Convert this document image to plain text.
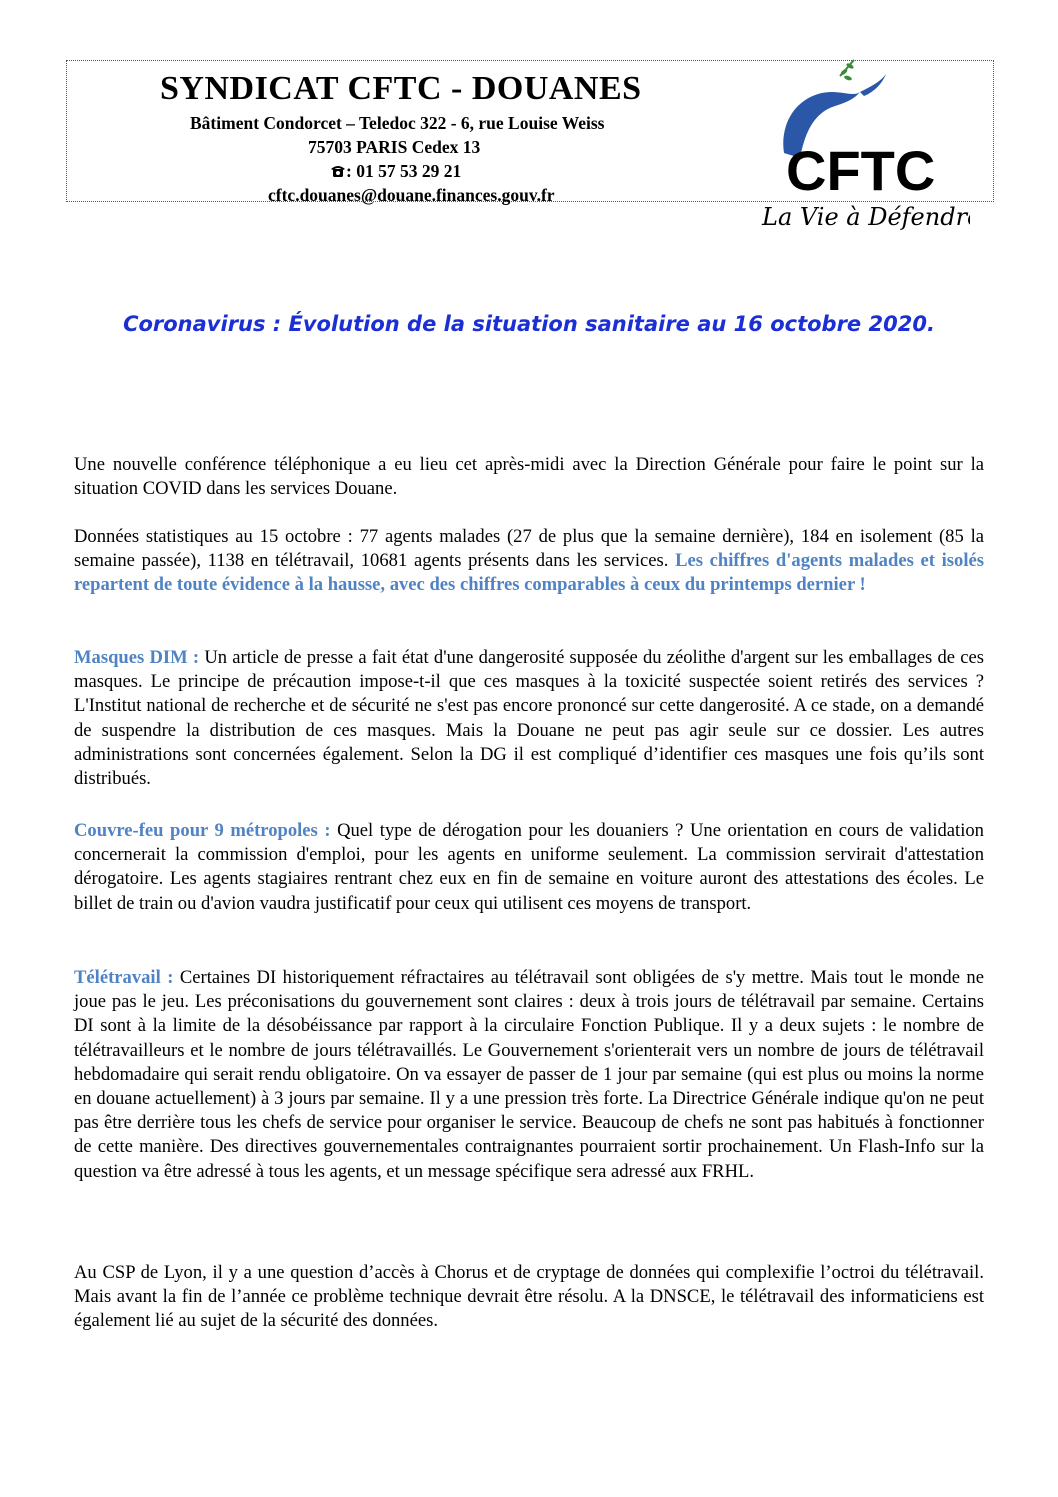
SYNDICAT CFTC - DOUANES
Bâtiment Condorcet – Teledoc 322 - 6, rue Louise Weiss
75703 PARIS Cedex 13
: 01 57 53 29 21
cftc.douanes@douane.finances.gouv.fr	CFTC
La Vie à Défendre
Coronavirus : Évolution de la situation sanitaire au 16 octobre 2020.
Une nouvelle conférence téléphonique a eu lieu cet après-midi avec la Direction Générale pour faire le point sur la situation COVID dans les services Douane.
Données statistiques au 15 octobre : 77 agents malades (27 de plus que la semaine dernière), 184 en isolement (85 la semaine passée), 1138 en télétravail, 10681 agents présents dans les services. Les chiffres d'agents malades et isolés repartent de toute évidence à la hausse, avec des chiffres comparables à ceux du printemps dernier !
Masques DIM : Un article de presse a fait état d'une dangerosité supposée du zéolithe d'argent sur les emballages de ces masques. Le principe de précaution impose-t-il que ces masques à la toxicité suspectée soient retirés des services ? L'Institut national de recherche et de sécurité ne s'est pas encore prononcé sur cette dangerosité. A ce stade, on a demandé de suspendre la distribution de ces masques. Mais la Douane ne peut pas agir seule sur ce dossier. Les autres administrations sont concernées également. Selon la DG il est compliqué d’identifier ces masques une fois qu’ils sont distribués.
Couvre-feu pour 9 métropoles : Quel type de dérogation pour les douaniers ? Une orientation en cours de validation concernerait la commission d'emploi, pour les agents en uniforme seulement. La commission servirait d'attestation dérogatoire. Les agents stagiaires rentrant chez eux en fin de semaine en voiture auront des attestations des écoles. Le billet de train ou d'avion vaudra justificatif pour ceux qui utilisent ces moyens de transport.
Télétravail : Certaines DI historiquement réfractaires au télétravail sont obligées de s'y mettre. Mais tout le monde ne joue pas le jeu. Les préconisations du gouvernement sont claires : deux à trois jours de télétravail par semaine. Certains DI sont à la limite de la désobéissance par rapport à la circulaire Fonction Publique. Il y a deux sujets : le nombre de télétravailleurs et le nombre de jours télétravaillés. Le Gouvernement s'orienterait vers un nombre de jours de télétravail hebdomadaire qui serait rendu obligatoire. On va essayer de passer de 1 jour par semaine (qui est plus ou moins la norme en douane actuellement) à 3 jours par semaine. Il y a une pression très forte. La Directrice Générale indique qu'on ne peut pas être derrière tous les chefs de service pour organiser le service. Beaucoup de chefs ne sont pas habitués à fonctionner de cette manière. Des directives gouvernementales contraignantes pourraient sortir prochainement. Un Flash-Info sur la question va être adressé à tous les agents, et un message spécifique sera adressé aux FRHL.
Au CSP de Lyon, il y a une question d’accès à Chorus et de cryptage de données qui complexifie l’octroi du télétravail. Mais avant la fin de l’année ce problème technique devrait être résolu. A la DNSCE, le télétravail des informaticiens est également lié au sujet de la sécurité des données.
